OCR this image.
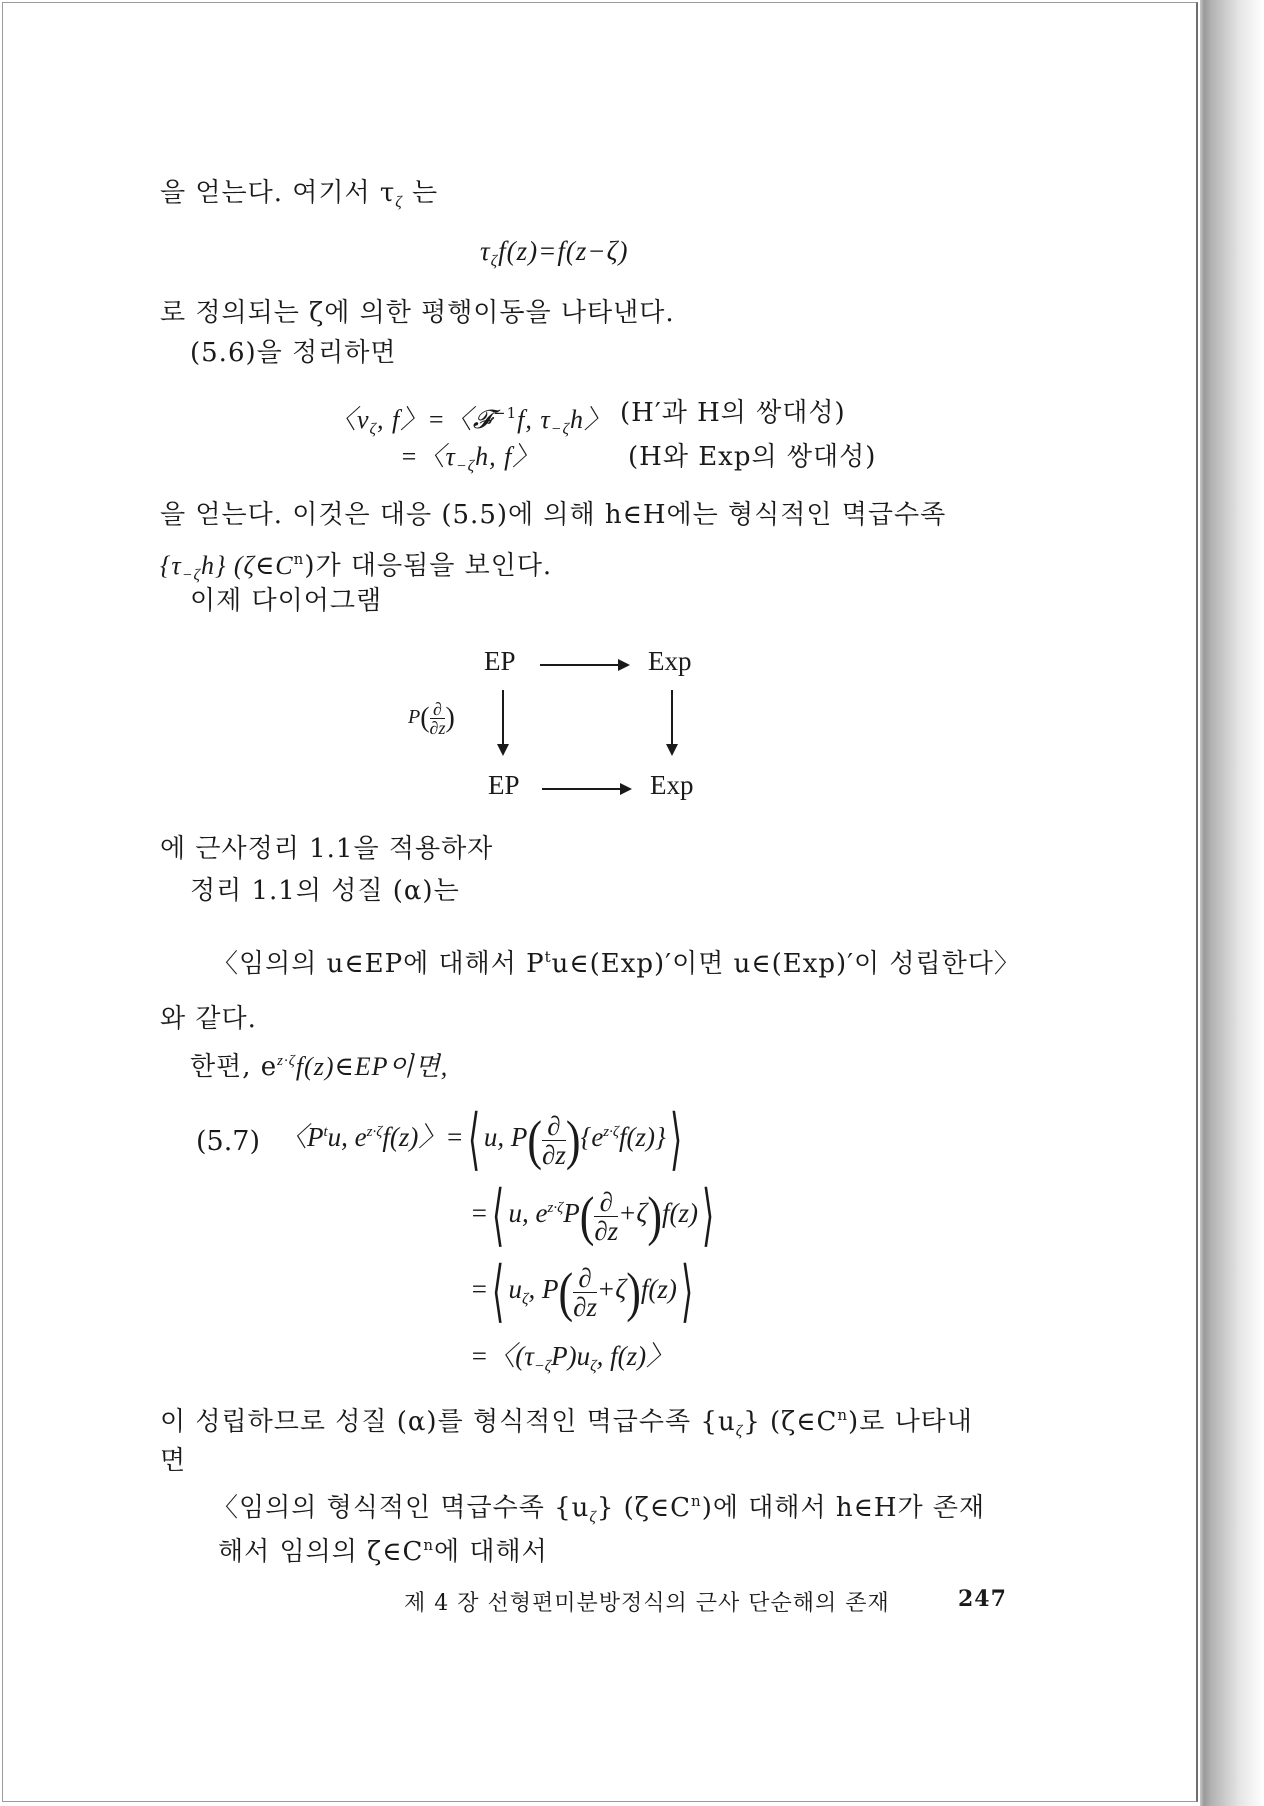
을 얻는다. 여기서 $\tau_\zeta$ 는
$\tau_\zeta f(z)=f(z-\zeta)$
로 정의되는 ζ에 의한 평행이동을 나타낸다.
(5.6)을 정리하면
〈$v_\zeta$, f〉=〈𝓕$^{-1}$f, $\tau_{-\zeta}h$〉 (H′과 H의 쌍대성)
=〈$\tau_{-\zeta}h$, f〉	(H와 Exp의 쌍대성)
을 얻는다. 이것은 대응 (5.5)에 의해 h∈H에는 형식적인 멱급수족
$\{\tau_{-\zeta}h\}$ $(\zeta\in C^n)$가 대응됨을 보인다.
이제 다이어그램
EP	Exp
$P( \frac{\partial}{\partial z}$ )
EP	Exp
에 근사정리 1.1을 적용하자
정리 1.1의 성질 (α)는
〈임의의 u∈EP에 대해서 $P^tu\in(Exp)'$이면 u∈(Exp)′이 성립한다〉
와 같다.
한편, $e^{z\cdot\zeta}f(z)\in EP$이면,
(5.7) 〈$P^tu$, $e^{z\cdot\zeta}f(z)$〉=⟨ u, $P( \frac{\partial}{\partial z}$ )$\{e^{z\cdot\zeta}f(z)\}⟩$
=⟨ u, $e^{z\cdot\zeta}P( \frac{\partial}{\partial z}$ +ζ)f(z)⟩
=⟨ $u_\zeta$, $P( \frac{\partial}{\partial z}$ +ζ)f(z)⟩
=〈$(\tau_{-\zeta}P)u_\zeta$, f(z)〉
이 성립하므로 성질 (α)를 형식적인 멱급수족 $\{u_\zeta\}$ $(\zeta\in C^n)$로 나타내
면
〈임의의 형식적인 멱급수족 $\{u_\zeta\}$ $(\zeta\in C^n)$에 대해서 h∈H가 존재
해서 임의의 $\zeta\in C^n$에 대해서
제 4 장 선형편미분방정식의 근사 단순해의 존재	247
